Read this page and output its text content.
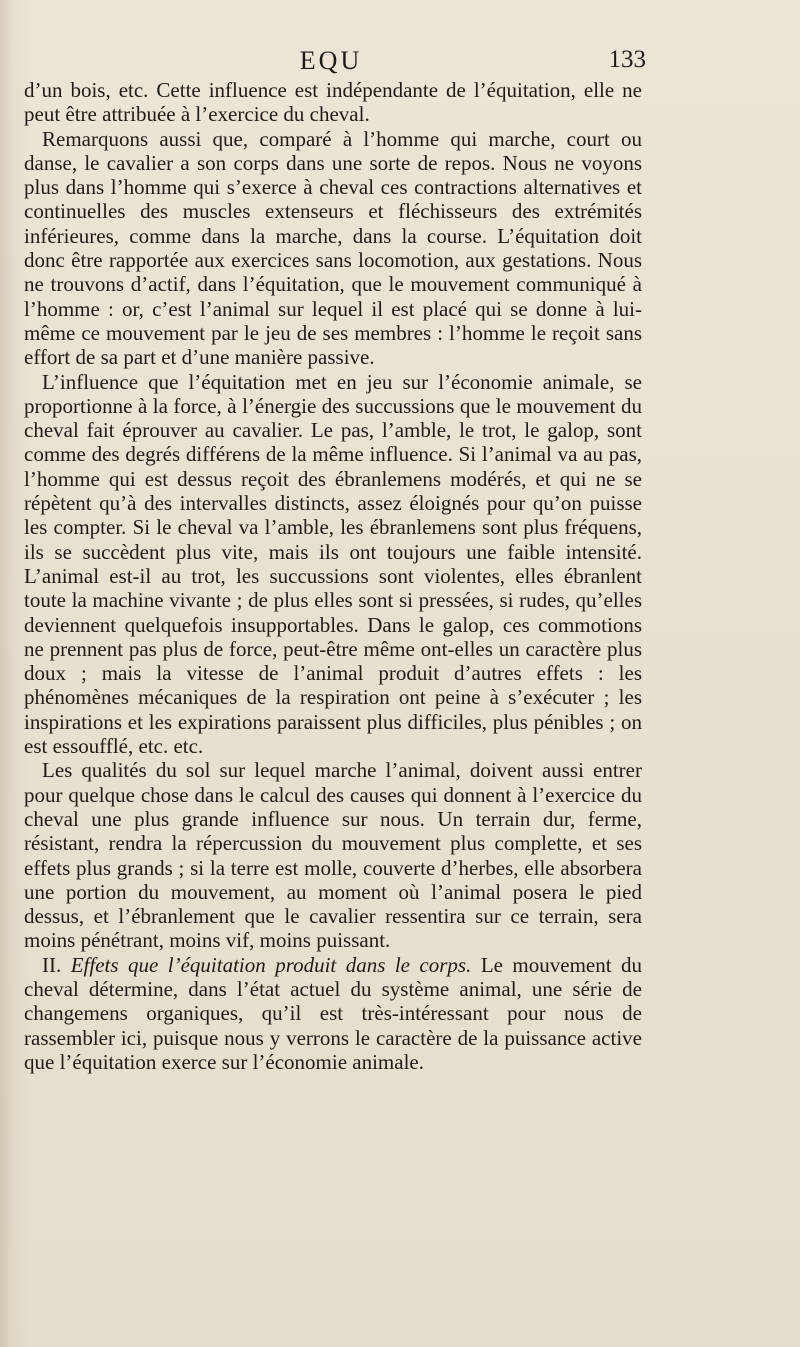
EQU	133

d’un bois, etc. Cette influence est indépendante de l’équitation, elle ne peut être attribuée à l’exercice du cheval.

Remarquons aussi que, comparé à l’homme qui marche, court ou danse, le cavalier a son corps dans une sorte de repos. Nous ne voyons plus dans l’homme qui s’exerce à cheval ces contractions alternatives et continuelles des muscles extenseurs et fléchisseurs des extrémités inférieures, comme dans la marche, dans la course. L’équitation doit donc être rapportée aux exercices sans locomotion, aux gestations. Nous ne trouvons d’actif, dans l’équitation, que le mouvement communiqué à l’homme : or, c’est l’animal sur lequel il est placé qui se donne à lui-même ce mouvement par le jeu de ses membres : l’homme le reçoit sans effort de sa part et d’une manière passive.

L’influence que l’équitation met en jeu sur l’économie animale, se proportionne à la force, à l’énergie des succussions que le mouvement du cheval fait éprouver au cavalier. Le pas, l’amble, le trot, le galop, sont comme des degrés différens de la même influence. Si l’animal va au pas, l’homme qui est dessus reçoit des ébranlemens modérés, et qui ne se répètent qu’à des intervalles distincts, assez éloignés pour qu’on puisse les compter. Si le cheval va l’amble, les ébranlemens sont plus fréquens, ils se succèdent plus vite, mais ils ont toujours une faible intensité. L’animal est-il au trot, les succussions sont violentes, elles ébranlent toute la machine vivante ; de plus elles sont si pressées, si rudes, qu’elles deviennent quelquefois insupportables. Dans le galop, ces commotions ne prennent pas plus de force, peut-être même ont-elles un caractère plus doux ; mais la vitesse de l’animal produit d’autres effets : les phénomènes mécaniques de la respiration ont peine à s’exécuter ; les inspirations et les expirations paraissent plus difficiles, plus pénibles ; on est essoufflé, etc. etc.

Les qualités du sol sur lequel marche l’animal, doivent aussi entrer pour quelque chose dans le calcul des causes qui donnent à l’exercice du cheval une plus grande influence sur nous. Un terrain dur, ferme, résistant, rendra la répercussion du mouvement plus complette, et ses effets plus grands ; si la terre est molle, couverte d’herbes, elle absorbera une portion du mouvement, au moment où l’animal posera le pied dessus, et l’ébranlement que le cavalier ressentira sur ce terrain, sera moins pénétrant, moins vif, moins puissant.

II. Effets que l’équitation produit dans le corps. Le mouvement du cheval détermine, dans l’état actuel du système animal, une série de changemens organiques, qu’il est très-intéressant pour nous de rassembler ici, puisque nous y verrons le caractère de la puissance active que l’équitation exerce sur l’économie animale.
